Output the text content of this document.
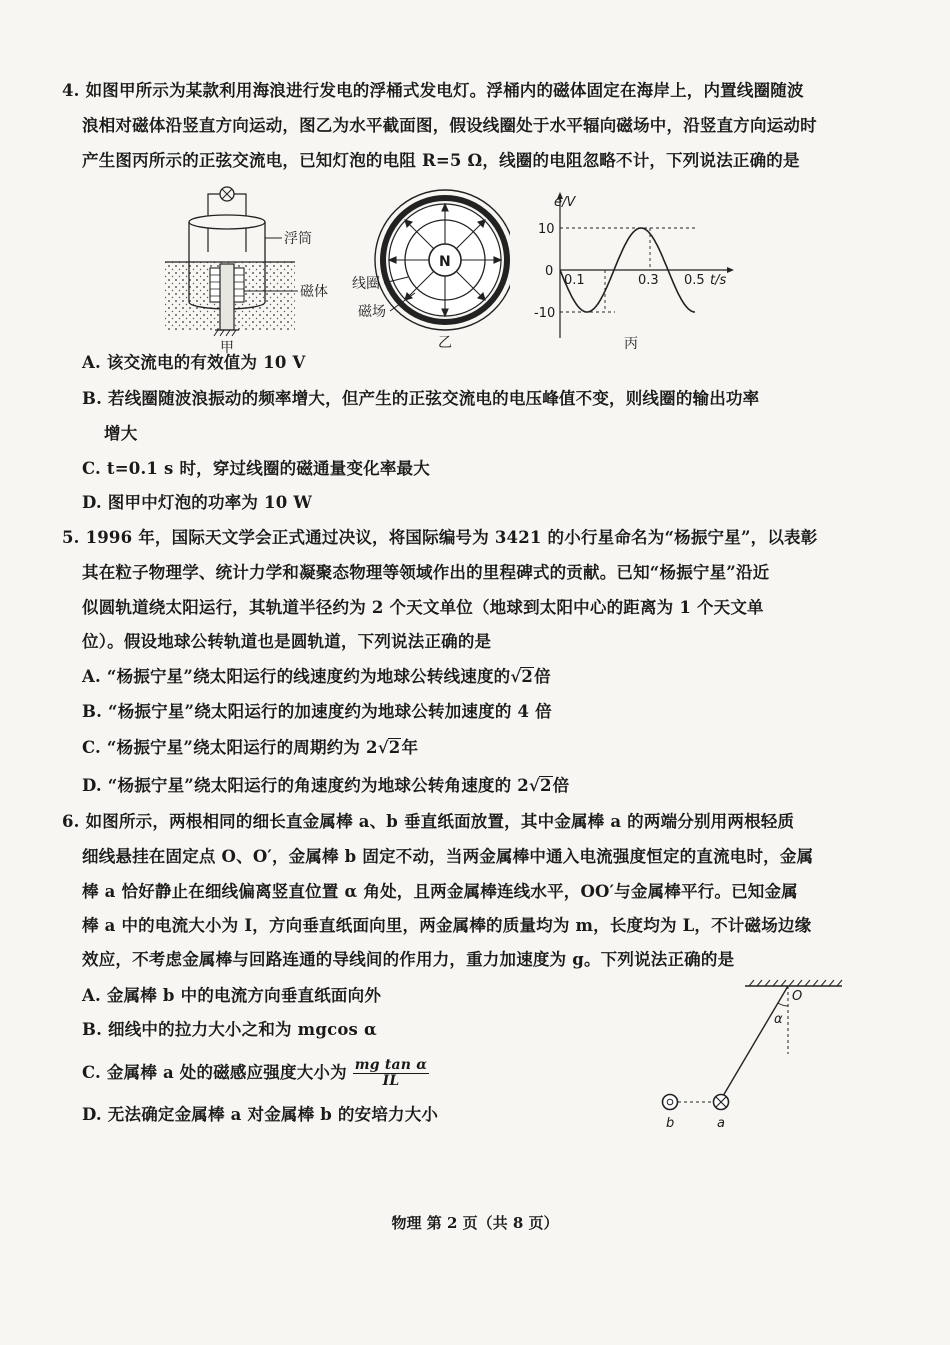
4. 如图甲所示为某款利用海浪进行发电的浮桶式发电灯。浮桶内的磁体固定在海岸上，内置线圈随波
浪相对磁体沿竖直方向运动，图乙为水平截面图，假设线圈处于水平辐向磁场中，沿竖直方向运动时
产生图丙所示的正弦交流电，已知灯泡的电阻 R=5 Ω，线圈的电阻忽略不计，下列说法正确的是
浮筒
磁体
甲
N
线圈
磁场
乙
e/V
10
0
-10
0.1	0.3 0.5 t/s
丙
A. 该交流电的有效值为 10 V
B. 若线圈随波浪振动的频率增大，但产生的正弦交流电的电压峰值不变，则线圈的输出功率
增大
C. t=0.1 s 时，穿过线圈的磁通量变化率最大
D. 图甲中灯泡的功率为 10 W
5. 1996 年，国际天文学会正式通过决议，将国际编号为 3421 的小行星命名为“杨振宁星”，以表彰
其在粒子物理学、统计力学和凝聚态物理等领域作出的里程碑式的贡献。已知“杨振宁星”沿近
似圆轨道绕太阳运行，其轨道半径约为 2 个天文单位（地球到太阳中心的距离为 1 个天文单
位）。假设地球公转轨道也是圆轨道，下列说法正确的是
A. “杨振宁星”绕太阳运行的线速度约为地球公转线速度的√2倍
B. “杨振宁星”绕太阳运行的加速度约为地球公转加速度的 4 倍
C. “杨振宁星”绕太阳运行的周期约为 2√2年
D. “杨振宁星”绕太阳运行的角速度约为地球公转角速度的 2√2倍
6. 如图所示，两根相同的细长直金属棒 a、b 垂直纸面放置，其中金属棒 a 的两端分别用两根轻质
细线悬挂在固定点 O、O′，金属棒 b 固定不动，当两金属棒中通入电流强度恒定的直流电时，金属
棒 a 恰好静止在细线偏离竖直位置 α 角处，且两金属棒连线水平，OO′与金属棒平行。已知金属
棒 a 中的电流大小为 I，方向垂直纸面向里，两金属棒的质量均为 m，长度均为 L，不计磁场边缘
效应，不考虑金属棒与回路连通的导线间的作用力，重力加速度为 g。下列说法正确的是
A. 金属棒 b 中的电流方向垂直纸面向外
B. 细线中的拉力大小之和为 mgcos α
C. 金属棒 a 处的磁感应强度大小为 $\frac{\text{mg tan α}}{IL}$
D. 无法确定金属棒 a 对金属棒 b 的安培力大小
O
α
b	a
物理 第 2 页（共 8 页）
